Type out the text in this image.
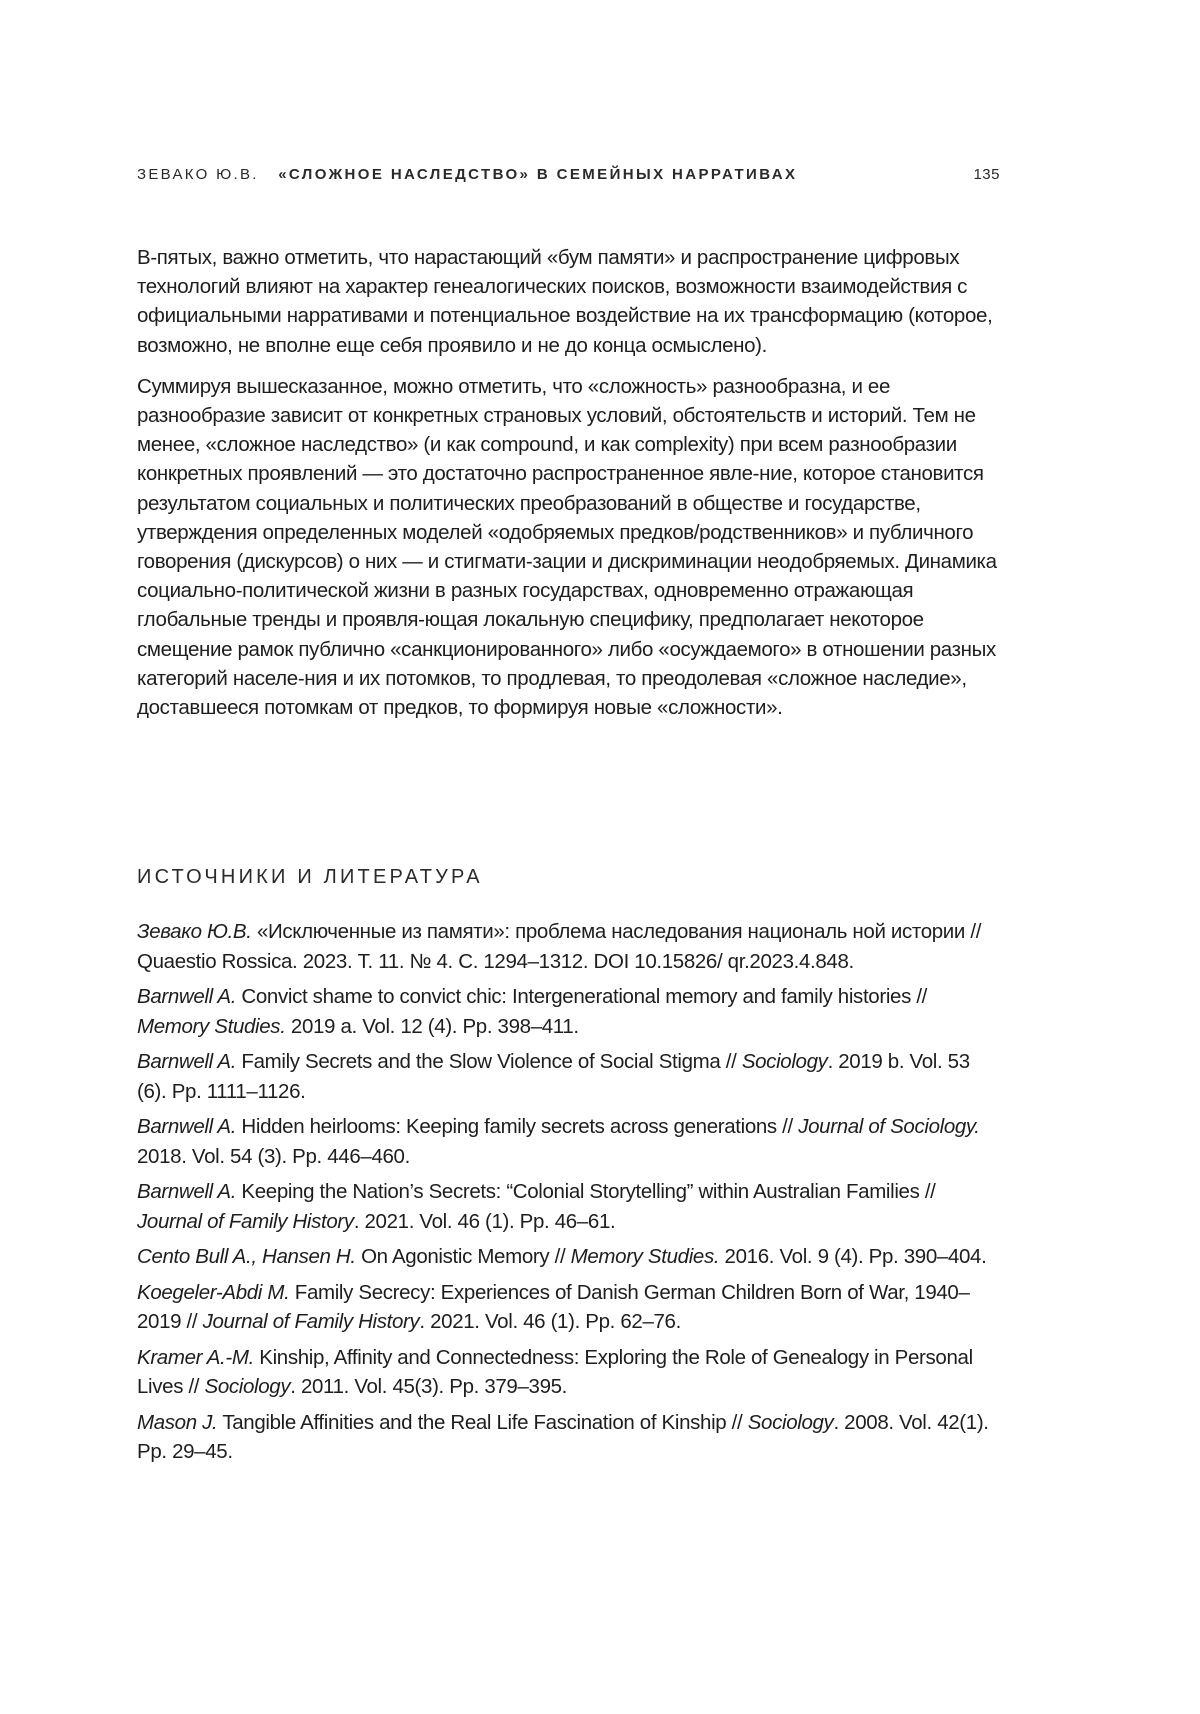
ЗЕВАКО Ю.В. «СЛОЖНОЕ НАСЛЕДСТВО» В СЕМЕЙНЫХ НАРРАТИВАХ	135

В-пятых, важно отметить, что нарастающий «бум памяти» и распространение цифровых технологий влияют на характер генеалогических поисков, возможности взаимодействия с официальными нарративами и потенциальное воздействие на их трансформацию (которое, возможно, не вполне еще себя проявило и не до конца осмыслено).

Суммируя вышесказанное, можно отметить, что «сложность» разнообразна, и ее разнообразие зависит от конкретных страновых условий, обстоятельств и историй. Тем не менее, «сложное наследство» (и как compound, и как complexity) при всем разнообразии конкретных проявлений — это достаточно распространенное явле-ние, которое становится результатом социальных и политических преобразований в обществе и государстве, утверждения определенных моделей «одобряемых предков/родственников» и публичного говорения (дискурсов) о них — и стигмати-зации и дискриминации неодобряемых. Динамика социально-политической жизни в разных государствах, одновременно отражающая глобальные тренды и проявля-ющая локальную специфику, предполагает некоторое смещение рамок публично «санкционированного» либо «осуждаемого» в отношении разных категорий населе-ния и их потомков, то продлевая, то преодолевая «сложное наследие», доставшееся потомкам от предков, то формируя новые «сложности».

ИСТОЧНИКИ И ЛИТЕРАТУРА
Зевако Ю.В. «Исключенные из памяти»: проблема наследования националь ной истории // Quaestio Rossica. 2023. Т. 11. № 4. С. 1294–1312. DOI 10.15826/ qr.2023.4.848.
Barnwell A. Convict shame to convict chic: Intergenerational memory and family histories // Memory Studies. 2019 a. Vol. 12 (4). Pp. 398–411.
Barnwell A. Family Secrets and the Slow Violence of Social Stigma // Sociology. 2019 b. Vol. 53 (6). Pp. 1111–1126.
Barnwell A. Hidden heirlooms: Keeping family secrets across generations // Journal of Sociology. 2018. Vol. 54 (3). Pp. 446–460.
Barnwell A. Keeping the Nation’s Secrets: “Colonial Storytelling” within Australian Families // Journal of Family History. 2021. Vol. 46 (1). Pp. 46–61.
Cento Bull A., Hansen H. On Agonistic Memory // Memory Studies. 2016. Vol. 9 (4). Pp. 390–404.
Koegeler-Abdi M. Family Secrecy: Experiences of Danish German Children Born of War, 1940–2019 // Journal of Family History. 2021. Vol. 46 (1). Pp. 62–76.
Kramer A.-M. Kinship, Affinity and Connectedness: Exploring the Role of Genealogy in Personal Lives // Sociology. 2011. Vol. 45(3). Pp. 379–395.
Mason J. Tangible Affinities and the Real Life Fascination of Kinship // Sociology. 2008. Vol. 42(1). Pp. 29–45.
